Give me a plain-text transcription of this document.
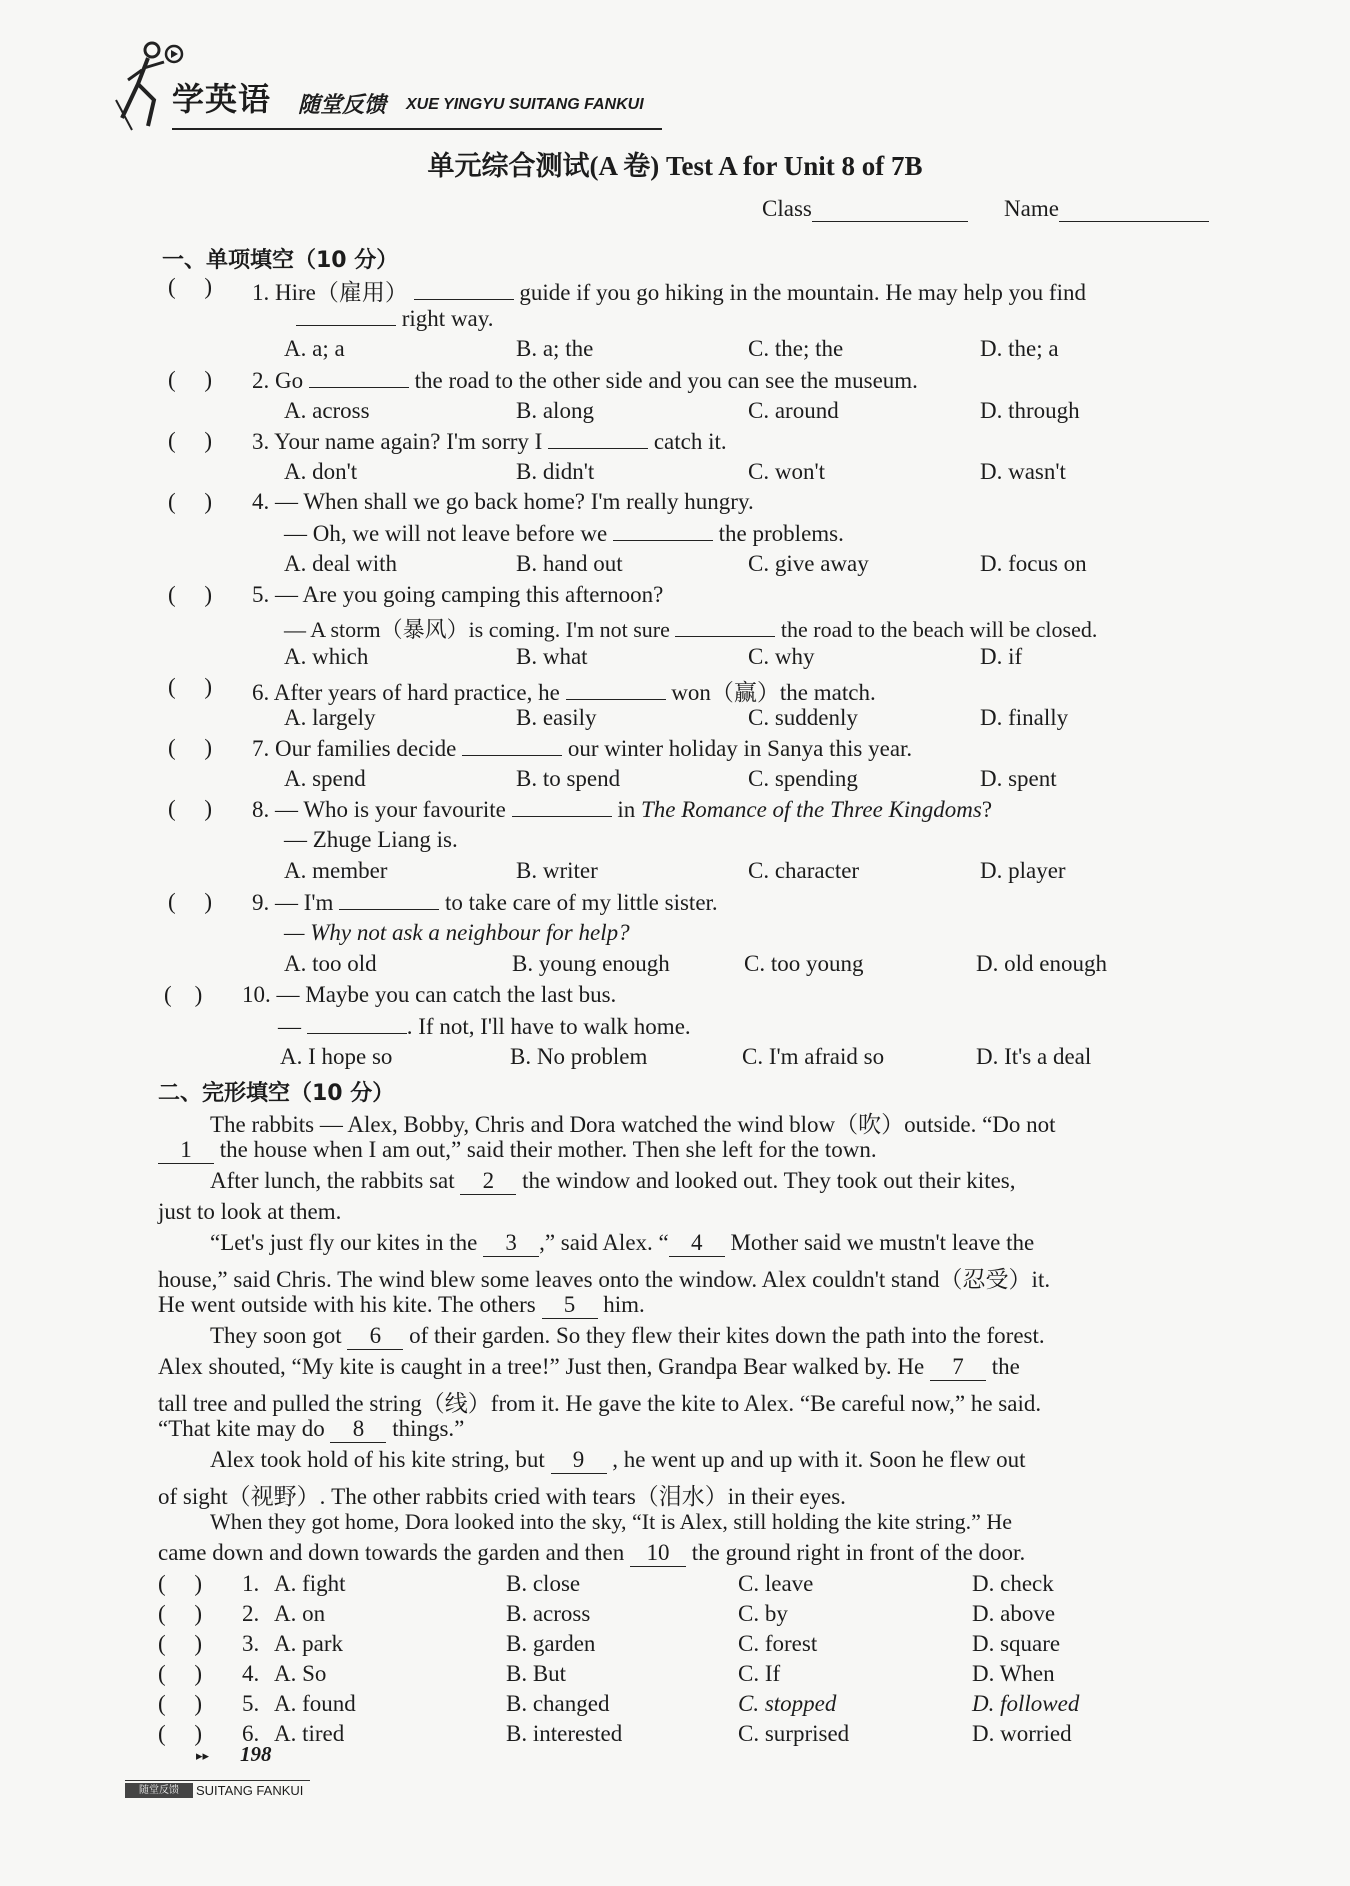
学英语 随堂反馈 XUE YINGYU SUITANG FANKUI
单元综合测试(A 卷) Test A for Unit 8 of 7B
Class	Name
一、单项填空（10 分）
(     ) 1. Hire（雇用）	guide if you go hiking in the mountain. He may help you find
right way.
A. a; a	B. a; the	C. the; the	D. the; a
(     ) 2. Go	the road to the other side and you can see the museum.
A. across	B. along	C. around	D. through
(     ) 3. Your name again? I'm sorry I	catch it.
A. don't	B. didn't	C. won't	D. wasn't
(     ) 4. — When shall we go back home? I'm really hungry.
— Oh, we will not leave before we	the problems.
A. deal with	B. hand out	C. give away	D. focus on
(     ) 5. — Are you going camping this afternoon?
— A storm（暴风）is coming. I'm not sure	the road to the beach will be closed.
A. which	B. what	C. why	D. if
(     ) 6. After years of hard practice, he	won（赢）the match.
A. largely	B. easily	C. suddenly	D. finally
(     ) 7. Our families decide	our winter holiday in Sanya this year.
A. spend	B. to spend	C. spending	D. spent
(     ) 8. — Who is your favourite	in The Romance of the Three Kingdoms?
— Zhuge Liang is.
A. member	B. writer	C. character	D. player
(     ) 9. — I'm	to take care of my little sister.
— Why not ask a neighbour for help?
A. too old	B. young enough	C. too young	D. old enough
(    ) 10. — Maybe you can catch the last bus.
—	. If not, I'll have to walk home.
A. I hope so	B. No problem	C. I'm afraid so	D. It's a deal
二、完形填空（10 分）
The rabbits — Alex, Bobby, Chris and Dora watched the wind blow（吹）outside. “Do not
1 the house when I am out,” said their mother. Then she left for the town.
After lunch, the rabbits sat 2 the window and looked out. They took out their kites,
just to look at them.
“Let's just fly our kites in the 3 ,” said Alex. “ 4 Mother said we mustn't leave the
house,” said Chris. The wind blew some leaves onto the window. Alex couldn't stand（忍受）it.
He went outside with his kite. The others 5 him.
They soon got 6 of their garden. So they flew their kites down the path into the forest.
Alex shouted, “My kite is caught in a tree!” Just then, Grandpa Bear walked by. He 7 the
tall tree and pulled the string（线）from it. He gave the kite to Alex. “Be careful now,” he said.
“That kite may do 8 things.”
Alex took hold of his kite string, but 9 , he went up and up with it. Soon he flew out
of sight（视野）. The other rabbits cried with tears（泪水）in their eyes.
When they got home, Dora looked into the sky, “It is Alex, still holding the kite string.” He
came down and down towards the garden and then 10 the ground right in front of the door.
(     ) 1. A. fight	B. close	C. leave	D. check
(     ) 2. A. on	B. across	C. by	D. above
(     ) 3. A. park	B. garden	C. forest	D. square
(     ) 4. A. So	B. But	C. If	D. When
(     ) 5. A. found	B. changed	C. stopped	D. followed
(     ) 6. A. tired	B. interested	C. surprised	D. worried
▸▸ 198
随堂反馈	SUITANG FANKUI
